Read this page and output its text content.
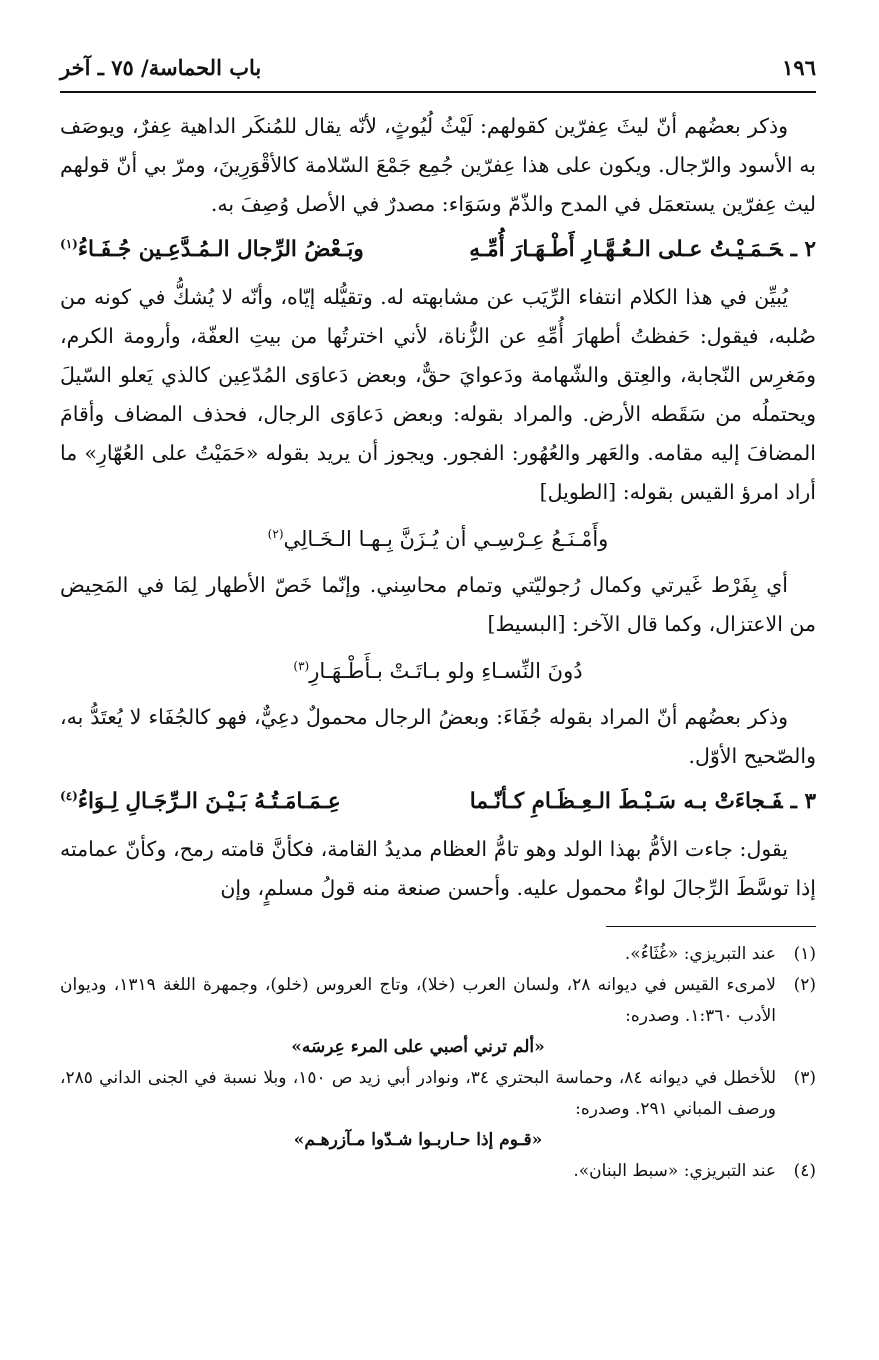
١٩٦
باب الحماسة/ ٧٥ ـ آخر

وذكر بعضُهم أنّ ليثَ عِفرّين كقولهم: لَيْثُ لُيُوثٍ، لأنّه يقال للمُنكَر الداهية عِفرٌ، ويوصَف به الأسود والرّجال. ويكون على هذا عِفرّين جُمِع جَمْعَ السّلامة كالأقْوَرِينَ، ومرّ بي أنّ قولهم ليث عِفرّين يستعمَل في المدح والذّمّ وسَوَاء: مصدرٌ في الأصل وُصِفَ به.

٢ ـحَـمَـيْـتُ عـلى الـعُـهَّـارِ أَطْـهَـارَ أُمِّـهِ
وبَـعْضُ الرِّجال الـمُـدَّعِـين جُـفَـاءُ$^{(١)}$

يُبيِّن في هذا الكلام انتفاء الرِّيَب عن مشابهته له. وتقيُّله إيّاه، وأنّه لا يُشكُّ في كونه من صُلبه، فيقول: حَفظتُ أطهارَ أُمِّهِ عن الزُّناة، لأني اخترتُها من بيتِ العفّة، وأرومة الكرم، ومَغرِس النّجابة، والعِتق والشّهامة ودَعوايَ حقٌّ، وبعض دَعاوَى المُدّعِين كالذي يَعلو السّيلَ ويحتملُه من سَقَطه الأرض. والمراد بقوله: وبعض دَعاوَى الرجال، فحذف المضاف وأقامَ المضافَ إليه مقامه. والعَهر والعُهُور: الفجور. ويجوز أن يريد بقوله «حَمَيْتُ على العُهّارِ» ما أراد امرؤ القيس بقوله: [الطويل]

وأَمْـنَـعُ عِـرْسِـي أن يُـزَنَّ بِـهـا الـخَـالِي$^{(٢)}$

أي بِفَرْط غَيرتي وكمال رُجوليّتي وتمام محاسِني. وإنّما خَصّ الأطهار لِمَا في المَحِيض من الاعتزال، وكما قال الآخر: [البسيط]

دُونَ النِّسـاءِ ولو بـاتَـتْ بـأَطْـهَـارِ$^{(٣)}$

وذكر بعضُهم أنّ المراد بقوله جُفَاءَ: وبعضُ الرجال محمولٌ دعِيٌّ، فهو كالجُفَاء لا يُعتَدُّ به، والصّحيح الأوّل.

٣ ـفَـجاءَتْ بـه سَـبْـطَ الـعِـظَـامِ كـأنّـما
عِـمَـامَـتُـهُ بَـيْـنَ الـرِّجَـالِ لِـوَاءُ$^{(٤)}$

يقول: جاءت الأمُّ بهذا الولد وهو تامُّ العظام مديدُ القامة، فكأنَّ قامته رمح، وكأنّ عمامته إذا توسَّطَ الرِّجالَ لواءٌ محمول عليه. وأحسن صنعة منه قولُ مسلمٍ، وإن

(١)
عند التبريزي: «غُثَاءُ».
(٢)
لامرىء القيس في ديوانه ٢٨، ولسان العرب (خلا)، وتاج العروس (خلو)، وجمهرة اللغة ١٣١٩، وديوان الأدب ١:٣٦٠. وصدره:
«ألم ترني أصبي على المرء عِرسَه»
(٣)
للأخطل في ديوانه ٨٤، وحماسة البحتري ٣٤، ونوادر أبي زيد ص ١٥٠، وبلا نسبة في الجنى الداني ٢٨٥، ورصف المباني ٢٩١. وصدره:
«قـوم إذا حـاربـوا شـدّوا مـآزرهـم»
(٤)
عند التبريزي: «سبط البنان».
